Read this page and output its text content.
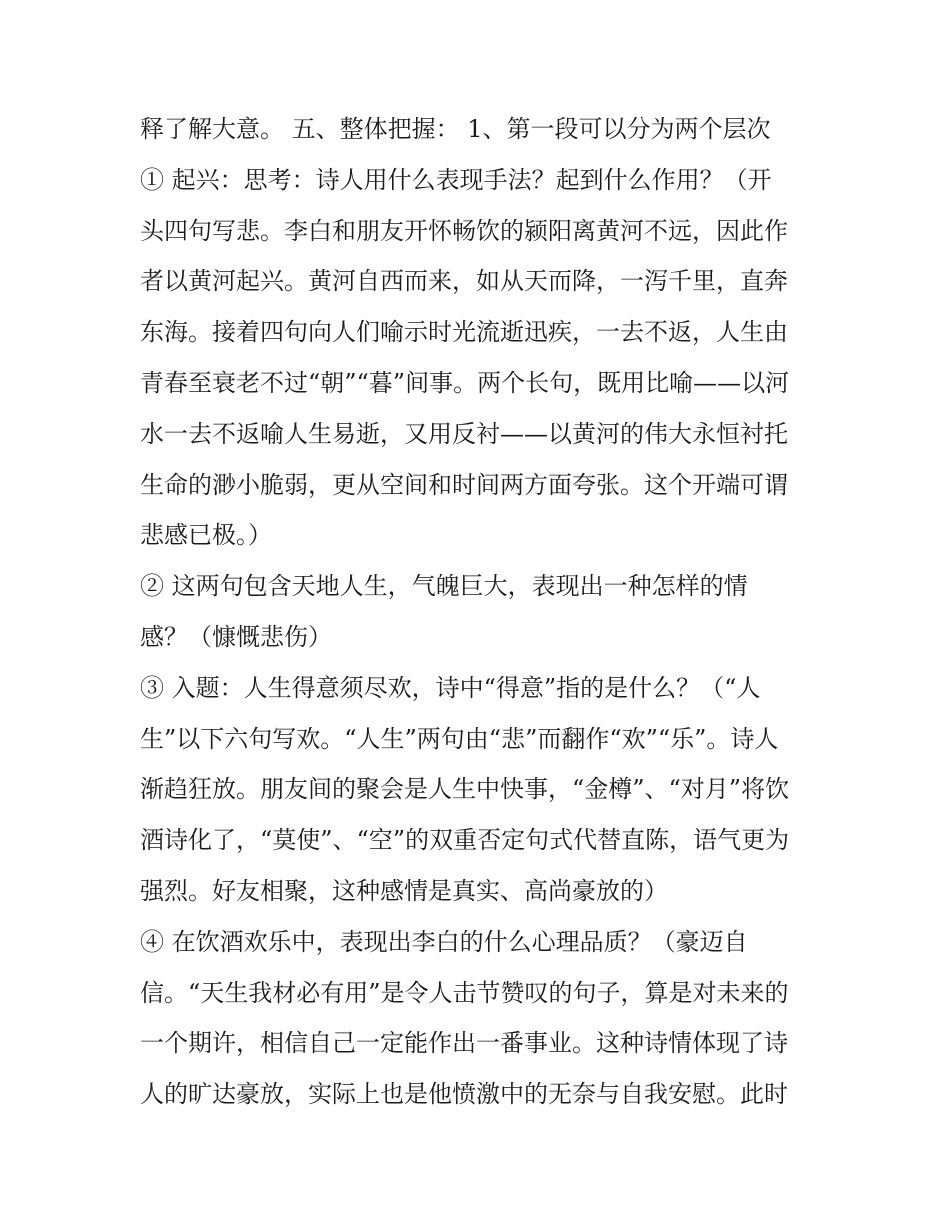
释了解大意。 五、整体把握： 1、第一段可以分为两个层次
① 起兴：思考：诗人用什么表现手法？起到什么作用？（开
头四句写悲。李白和朋友开怀畅饮的颍阳离黄河不远，因此作
者以黄河起兴。黄河自西而来，如从天而降，一泻千里，直奔
东海。接着四句向人们喻示时光流逝迅疾，一去不返，人生由
青春至衰老不过“朝”“暮”间事。两个长句，既用比喻——以河
水一去不返喻人生易逝，又用反衬——以黄河的伟大永恒衬托
生命的渺小脆弱，更从空间和时间两方面夸张。这个开端可谓
悲感已极。）
② 这两句包含天地人生，气魄巨大，表现出一种怎样的情
感？（慷慨悲伤）
③ 入题：人生得意须尽欢，诗中“得意”指的是什么？（“人
生”以下六句写欢。“人生”两句由“悲”而翻作“欢”“乐”。诗人
渐趋狂放。朋友间的聚会是人生中快事，“金樽”、“对月”将饮
酒诗化了，“莫使”、“空”的双重否定句式代替直陈，语气更为
强烈。好友相聚，这种感情是真实、高尚豪放的）
④ 在饮酒欢乐中，表现出李白的什么心理品质？（豪迈自
信。“天生我材必有用”是令人击节赞叹的句子，算是对未来的
一个期许，相信自己一定能作出一番事业。这种诗情体现了诗
人的旷达豪放，实际上也是他愤激中的无奈与自我安慰。此时
